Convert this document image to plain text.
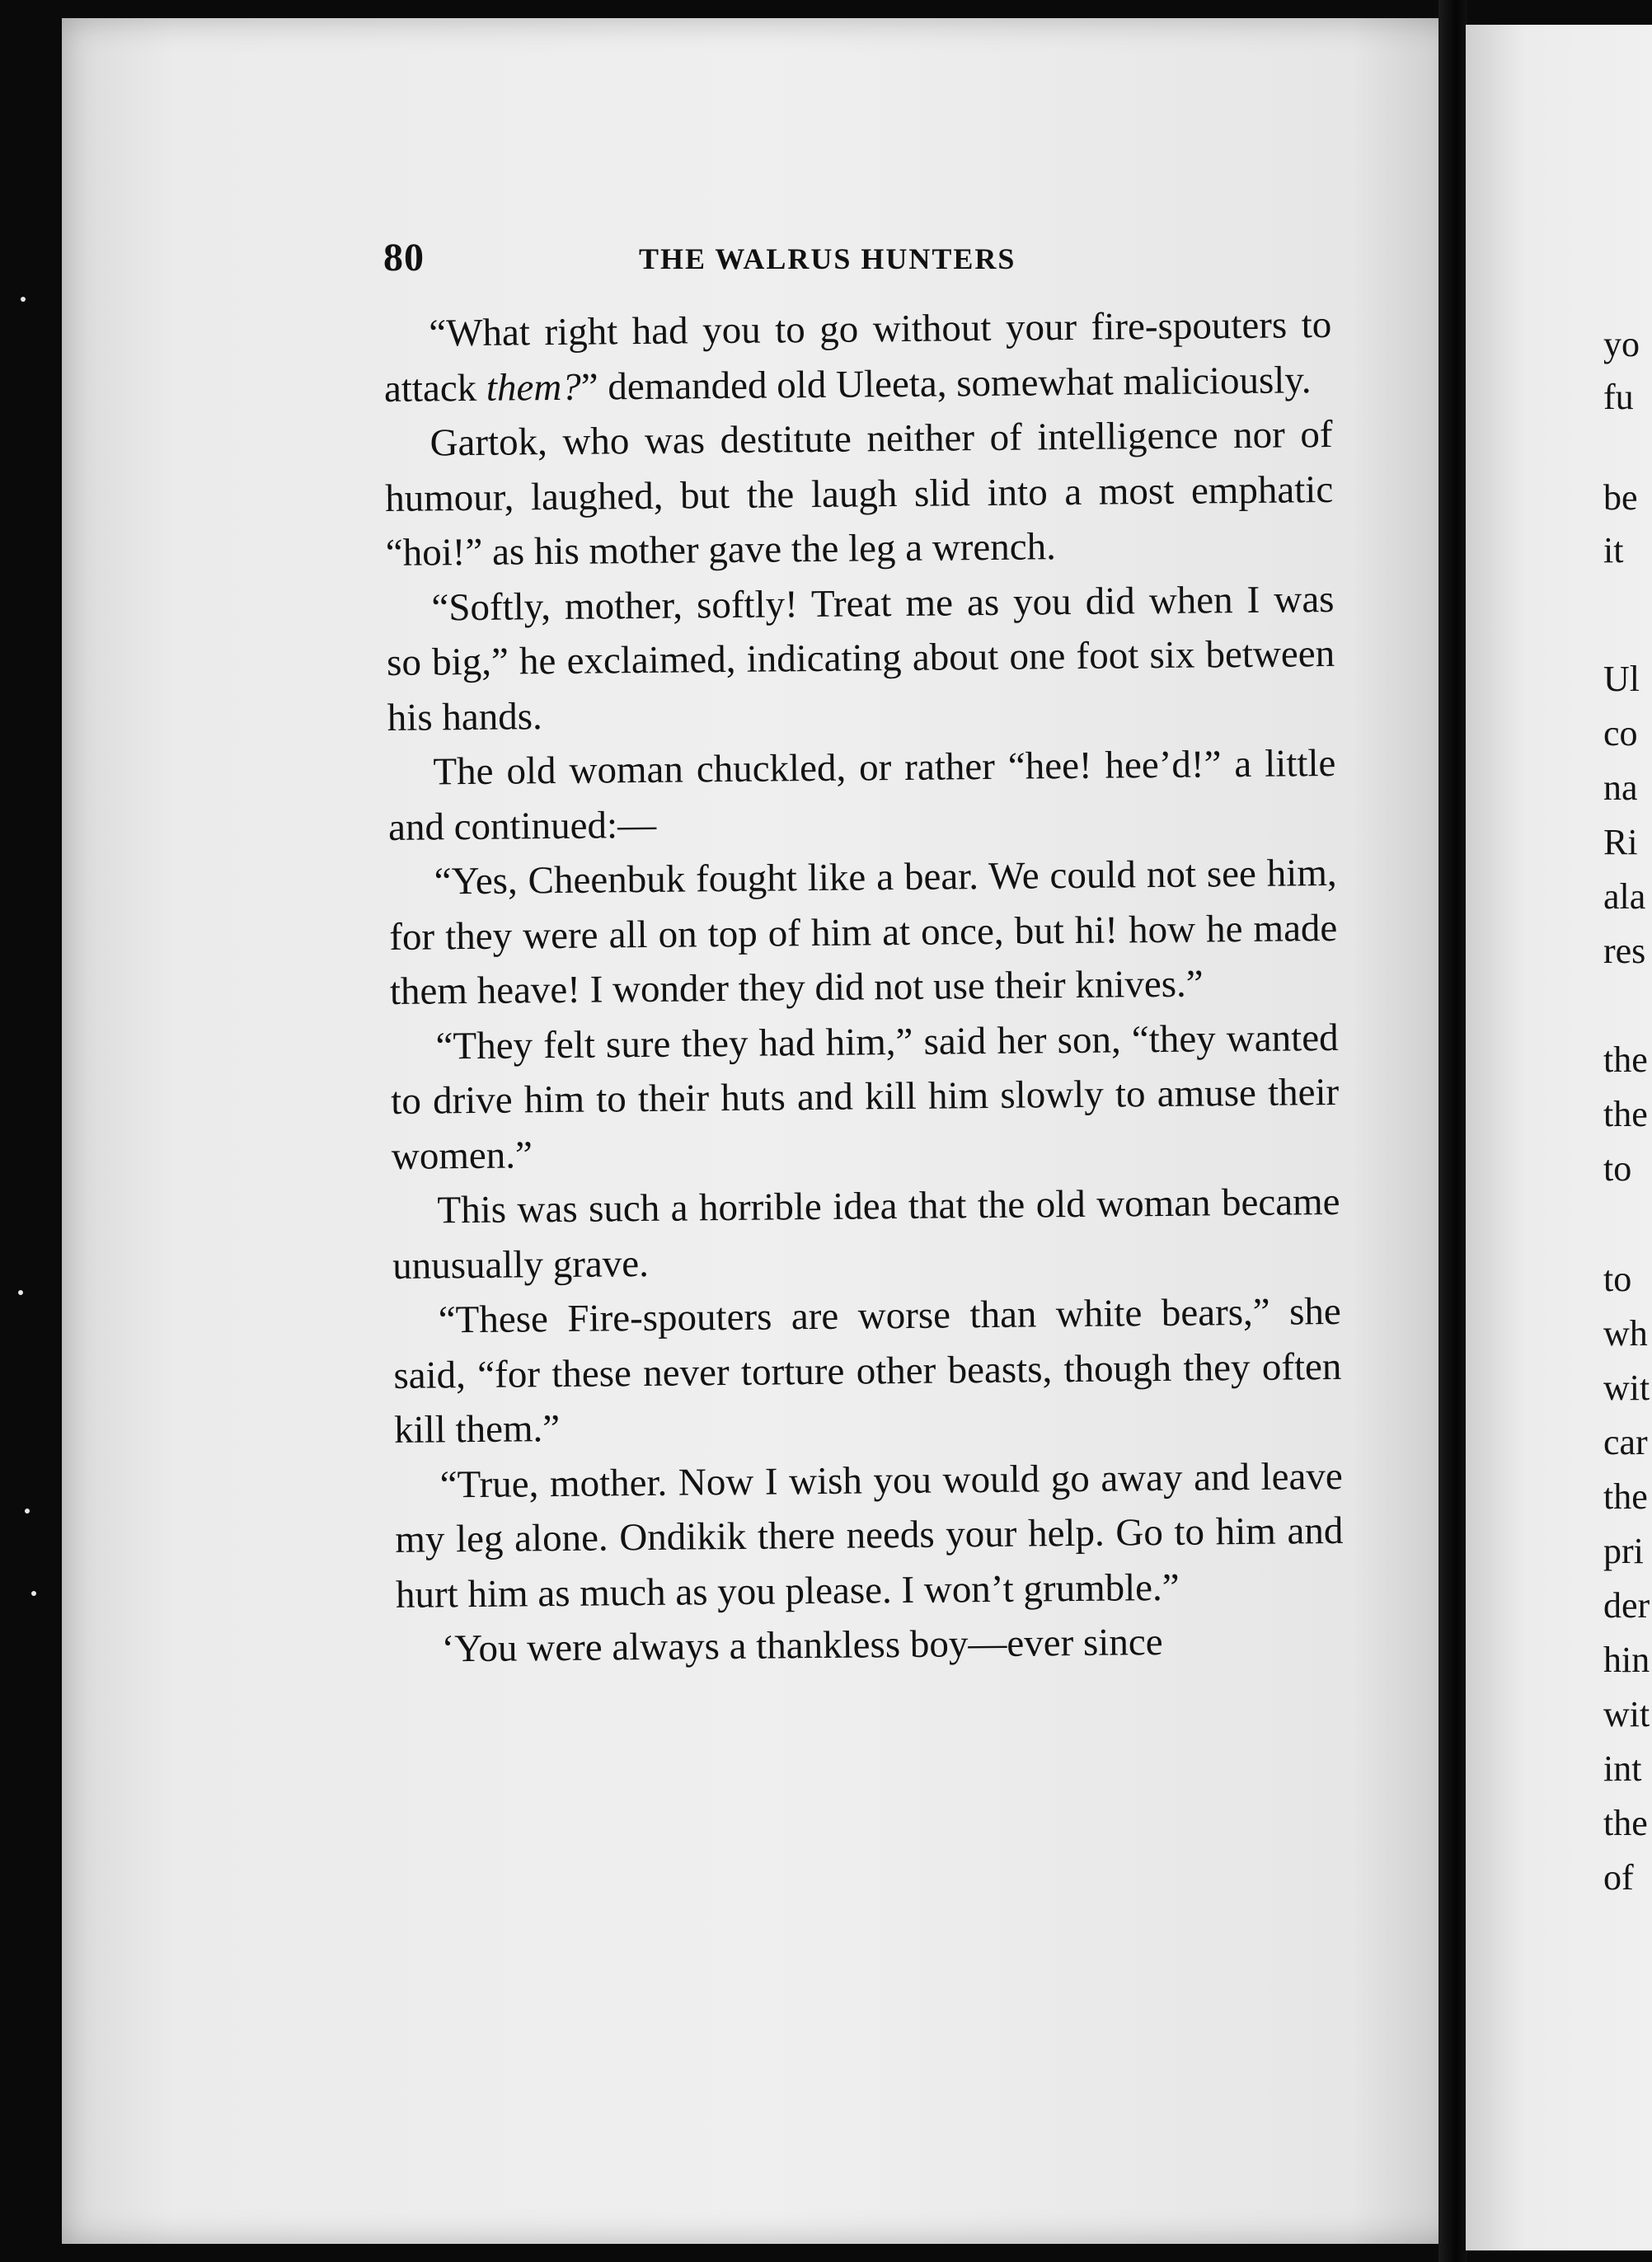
80	THE WALRUS HUNTERS

“What right had you to go without your fire-spouters to attack them?” demanded old Uleeta, somewhat maliciously.

Gartok, who was destitute neither of intelligence nor of humour, laughed, but the laugh slid into a most emphatic “hoi!” as his mother gave the leg a wrench.

“Softly, mother, softly! Treat me as you did when I was so big,” he exclaimed, indicating about one foot six between his hands.

The old woman chuckled, or rather “hee! hee’d!” a little and continued:—

“Yes, Cheenbuk fought like a bear. We could not see him, for they were all on top of him at once, but hi! how he made them heave! I wonder they did not use their knives.”

“They felt sure they had him,” said her son, “they wanted to drive him to their huts and kill him slowly to amuse their women.”

This was such a horrible idea that the old woman became unusually grave.

“These Fire-spouters are worse than white bears,” she said, “for these never torture other beasts, though they often kill them.”

“True, mother. Now I wish you would go away and leave my leg alone. Ondikik there needs your help. Go to him and hurt him as much as you please. I won’t grumble.”

‘You were always a thankless boy—ever since

yo
fu
be
it
Ul
co
na
Ri
ala
res
the
the
to
to
wh
wit
car
the
pri
der
hin
wit
int
the
of
